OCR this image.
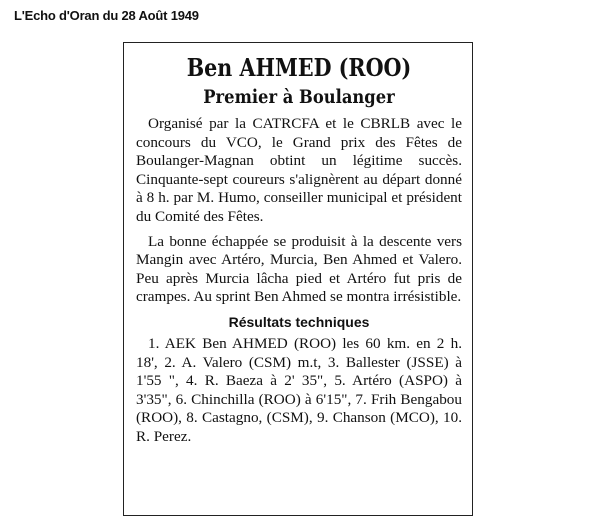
L'Echo d'Oran du 28 Août 1949
Ben AHMED (ROO)
Premier à Boulanger

Organisé par la CATRCFA et le CBRLB avec le concours du VCO, le Grand prix des Fêtes de Boulanger-Magnan obtint un légitime succès. Cinquante-sept coureurs s'alignèrent au départ donné à 8 h. par M. Humo, conseiller municipal et président du Comité des Fêtes.

La bonne échappée se produisit à la descente vers Mangin avec Artéro, Murcia, Ben Ahmed et Valero. Peu après Murcia lâcha pied et Artéro fut pris de crampes. Au sprint Ben Ahmed se montra irrésistible.

Résultats techniques

1. AEK Ben AHMED (ROO) les 60 km. en 2 h. 18', 2. A. Valero (CSM) m.t, 3. Ballester (JSSE) à 1'55 ", 4. R. Baeza à 2' 35", 5. Artéro (ASPO) à 3'35", 6. Chinchilla (ROO) à 6'15", 7. Frih Bengabou (ROO), 8. Castagno, (CSM), 9. Chanson (MCO), 10. R. Perez.
